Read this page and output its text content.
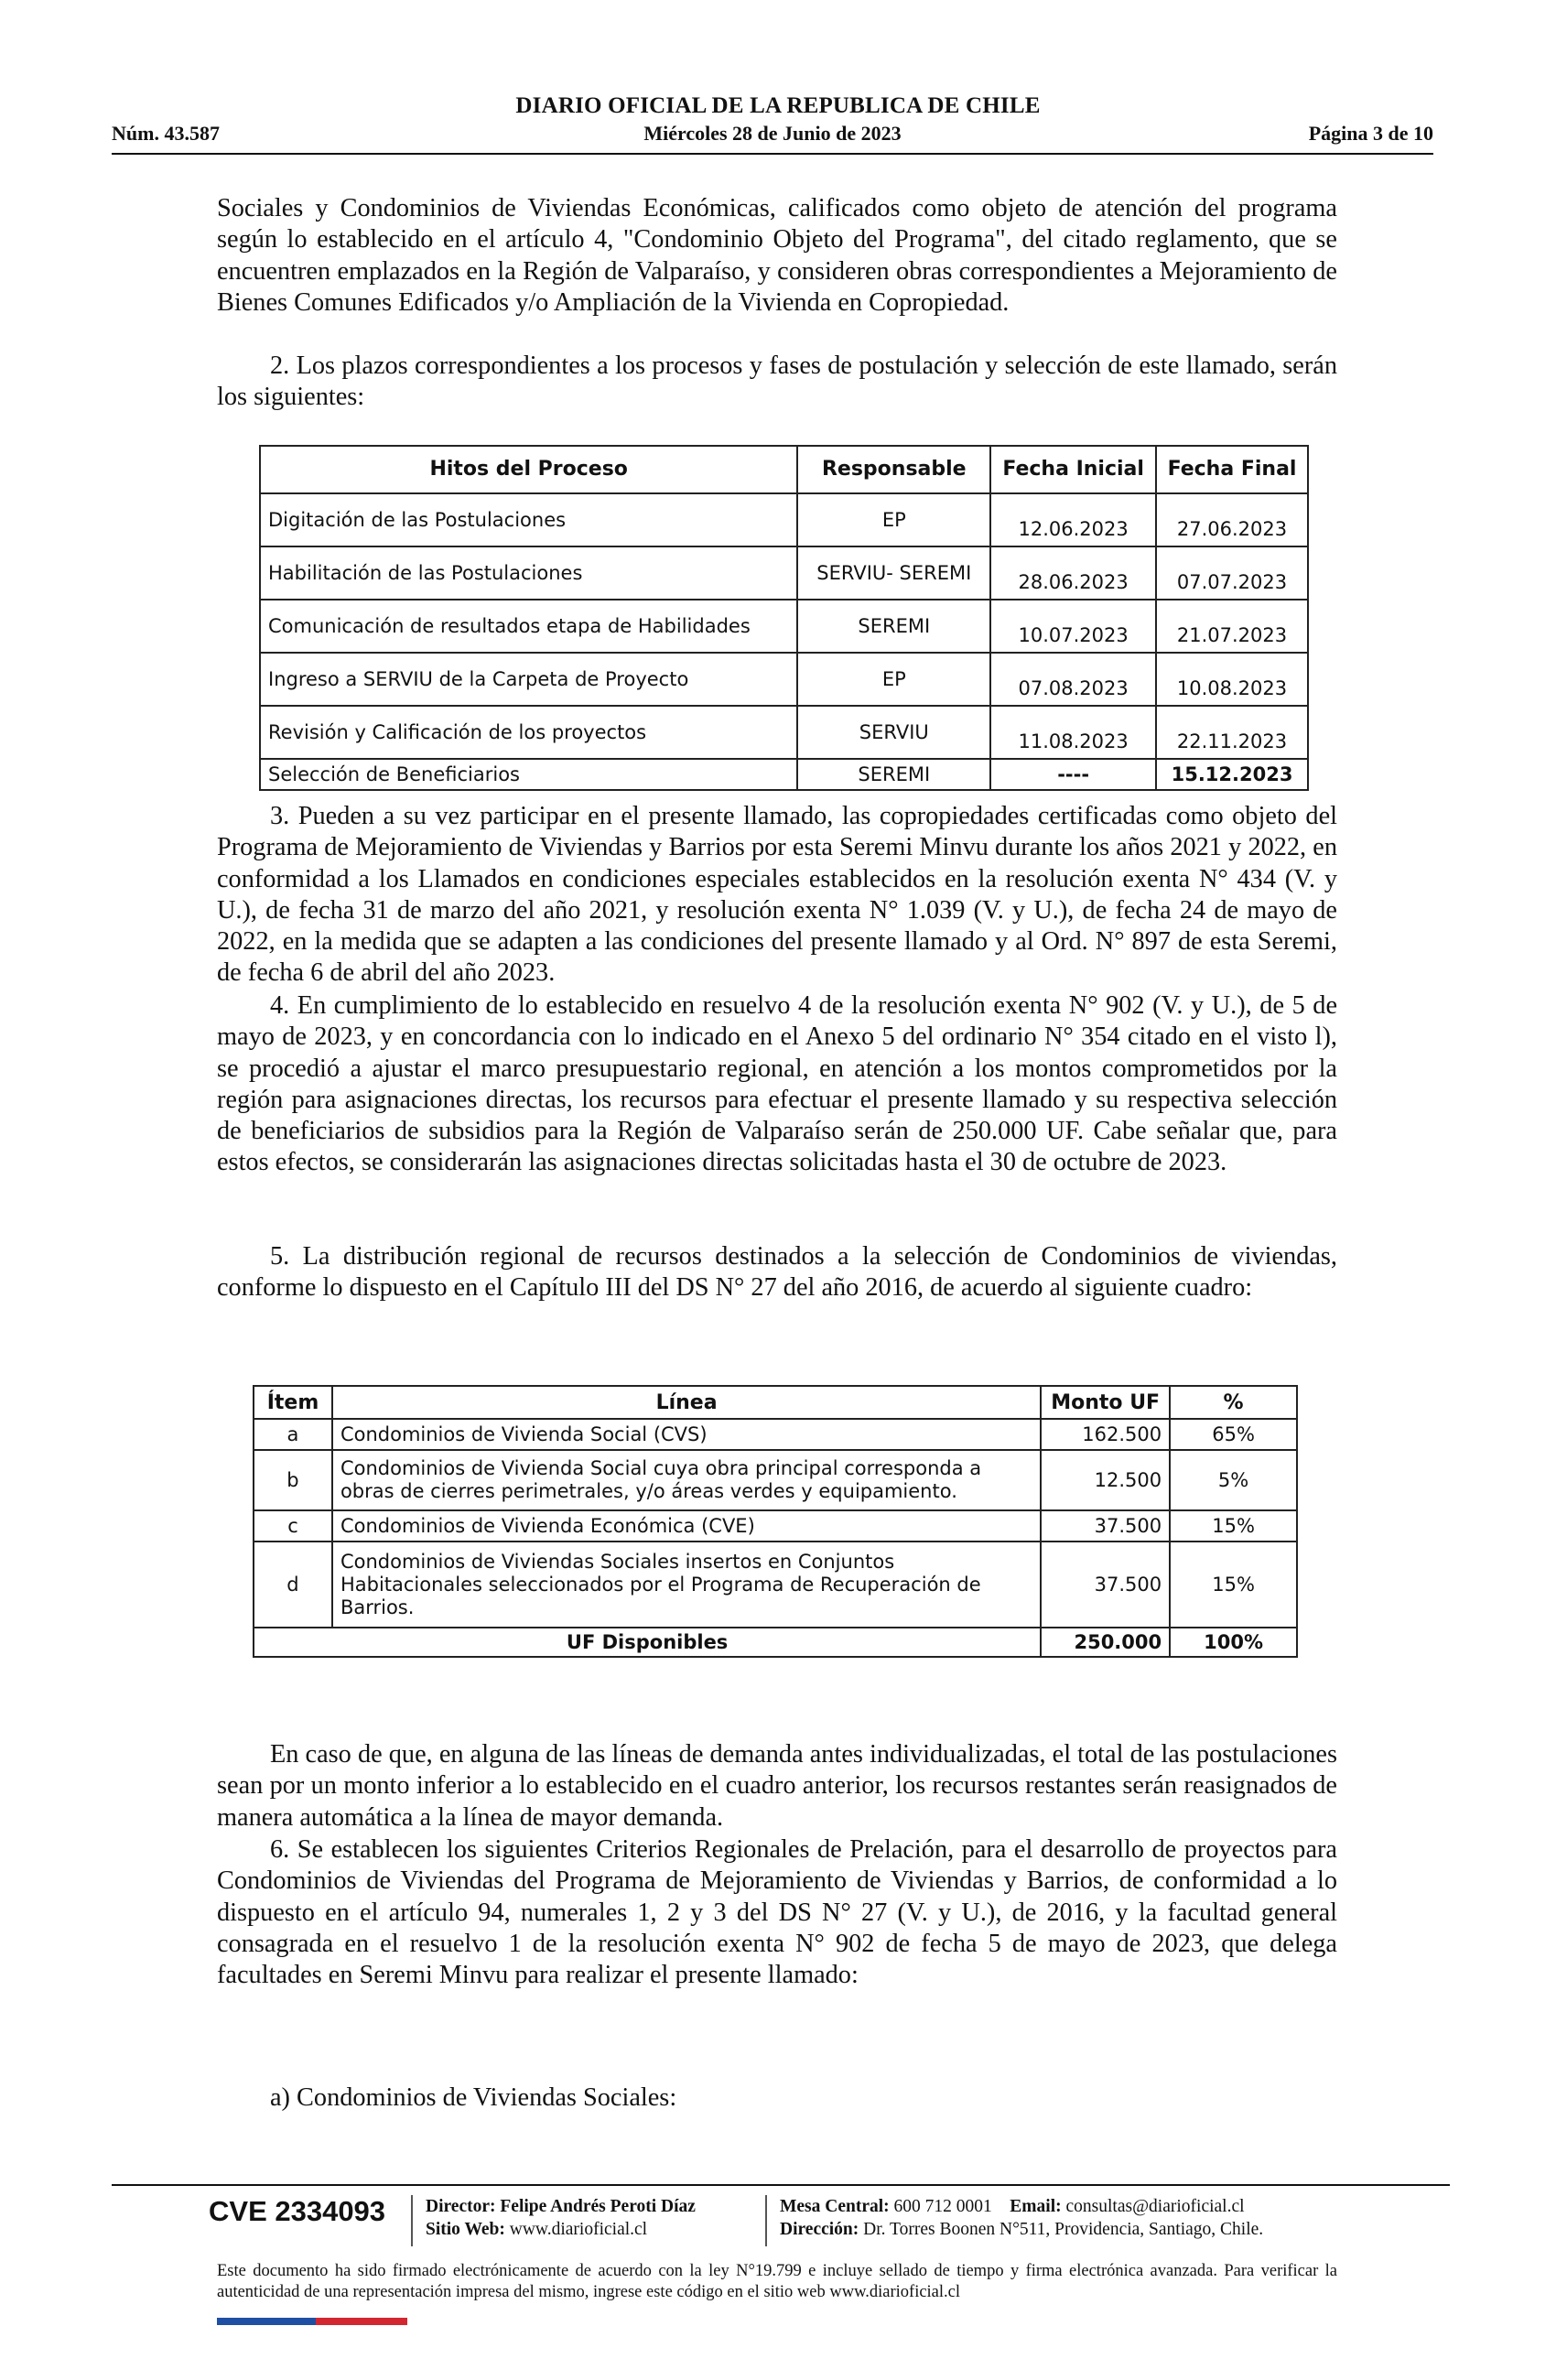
DIARIO OFICIAL DE LA REPUBLICA DE CHILE
Núm. 43.587	Miércoles 28 de Junio de 2023	Página 3 de 10

Sociales y Condominios de Viviendas Económicas, calificados como objeto de atención del programa según lo establecido en el artículo 4, "Condominio Objeto del Programa", del citado reglamento, que se encuentren emplazados en la Región de Valparaíso, y consideren obras correspondientes a Mejoramiento de Bienes Comunes Edificados y/o Ampliación de la Vivienda en Copropiedad.

2. Los plazos correspondientes a los procesos y fases de postulación y selección de este llamado, serán los siguientes:

Hitos del Proceso	Responsable	Fecha Inicial	Fecha Final
Digitación de las Postulaciones	EP	12.06.2023	27.06.2023
Habilitación de las Postulaciones	SERVIU- SEREMI	28.06.2023	07.07.2023
Comunicación de resultados etapa de Habilidades	SEREMI	10.07.2023	21.07.2023
Ingreso a SERVIU de la Carpeta de Proyecto	EP	07.08.2023	10.08.2023
Revisión y Calificación de los proyectos	SERVIU	11.08.2023	22.11.2023
Selección de Beneficiarios	SEREMI	----	15.12.2023

3. Pueden a su vez participar en el presente llamado, las copropiedades certificadas como objeto del Programa de Mejoramiento de Viviendas y Barrios por esta Seremi Minvu durante los años 2021 y 2022, en conformidad a los Llamados en condiciones especiales establecidos en la resolución exenta N° 434 (V. y U.), de fecha 31 de marzo del año 2021, y resolución exenta N° 1.039 (V. y U.), de fecha 24 de mayo de 2022, en la medida que se adapten a las condiciones del presente llamado y al Ord. N° 897 de esta Seremi, de fecha 6 de abril del año 2023.

4. En cumplimiento de lo establecido en resuelvo 4 de la resolución exenta N° 902 (V. y U.), de 5 de mayo de 2023, y en concordancia con lo indicado en el Anexo 5 del ordinario N° 354 citado en el visto l), se procedió a ajustar el marco presupuestario regional, en atención a los montos comprometidos por la región para asignaciones directas, los recursos para efectuar el presente llamado y su respectiva selección de beneficiarios de subsidios para la Región de Valparaíso serán de 250.000 UF. Cabe señalar que, para estos efectos, se considerarán las asignaciones directas solicitadas hasta el 30 de octubre de 2023.

5. La distribución regional de recursos destinados a la selección de Condominios de viviendas, conforme lo dispuesto en el Capítulo III del DS N° 27 del año 2016, de acuerdo al siguiente cuadro:

Ítem	Línea	Monto UF	%
a	Condominios de Vivienda Social (CVS)	162.500	65%
b	Condominios de Vivienda Social cuya obra principal corresponda a obras de cierres perimetrales, y/o áreas verdes y equipamiento.	12.500	5%
c	Condominios de Vivienda Económica (CVE)	37.500	15%
d	Condominios de Viviendas Sociales insertos en Conjuntos Habitacionales seleccionados por el Programa de Recuperación de Barrios.	37.500	15%
UF Disponibles		250.000	100%

En caso de que, en alguna de las líneas de demanda antes individualizadas, el total de las postulaciones sean por un monto inferior a lo establecido en el cuadro anterior, los recursos restantes serán reasignados de manera automática a la línea de mayor demanda.

6. Se establecen los siguientes Criterios Regionales de Prelación, para el desarrollo de proyectos para Condominios de Viviendas del Programa de Mejoramiento de Viviendas y Barrios, de conformidad a lo dispuesto en el artículo 94, numerales 1, 2 y 3 del DS N° 27 (V. y U.), de 2016, y la facultad general consagrada en el resuelvo 1 de la resolución exenta N° 902 de fecha 5 de mayo de 2023, que delega facultades en Seremi Minvu para realizar el presente llamado:

a) Condominios de Viviendas Sociales:

CVE 2334093 Director: Felipe Andrés Peroti Díaz
Sitio Web: www.diarioficial.cl
Mesa Central: 600 712 0001 Email: consultas@diarioficial.cl
Dirección: Dr. Torres Boonen N°511, Providencia, Santiago, Chile.
Este documento ha sido firmado electrónicamente de acuerdo con la ley N°19.799 e incluye sellado de tiempo y firma electrónica avanzada. Para verificar la autenticidad de una representación impresa del mismo, ingrese este código en el sitio web www.diarioficial.cl
